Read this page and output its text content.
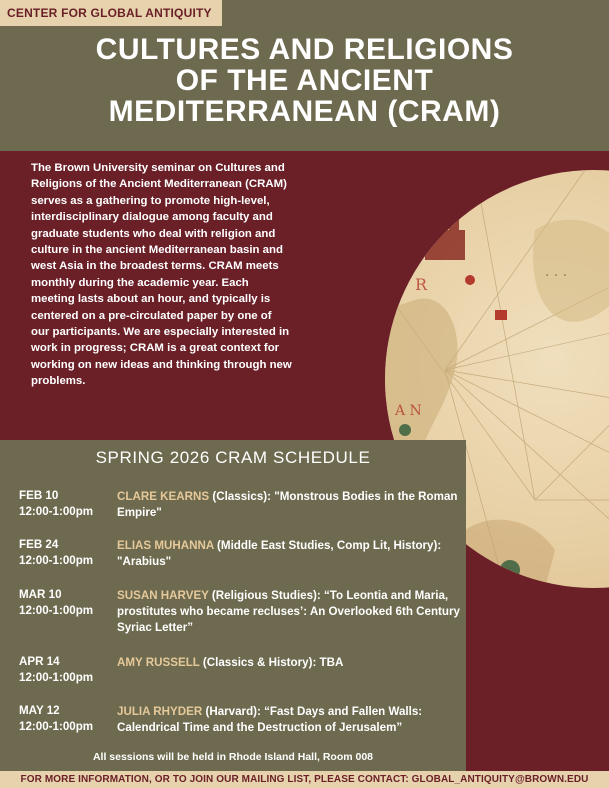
CENTER FOR GLOBAL ANTIQUITY
CULTURES AND RELIGIONS
OF THE ANCIENT
MEDITERRANEAN (CRAM)
R
A N
· · ·
The Brown University seminar on Cultures and Religions of the Ancient Mediterranean (CRAM) serves as a gathering to promote high-level, interdisciplinary dialogue among faculty and graduate students who deal with religion and culture in the ancient Mediterranean basin and west Asia in the broadest terms. CRAM meets monthly during the academic year. Each meeting lasts about an hour, and typically is centered on a pre-circulated paper by one of our participants. We are especially interested in work in progress; CRAM is a great context for working on new ideas and thinking through new problems.
SPRING 2026 CRAM SCHEDULE
FEB 10
12:00-1:00pm
CLARE KEARNS (Classics): "Monstrous Bodies in the Roman Empire"
FEB 24
12:00-1:00pm
ELIAS MUHANNA (Middle East Studies, Comp Lit, History): "Arabius"
MAR 10
12:00-1:00pm
SUSAN HARVEY (Religious Studies): “To Leontia and Maria, prostitutes who became recluses’: An Overlooked 6th Century Syriac Letter”
APR 14
12:00-1:00pm
AMY RUSSELL (Classics & History): TBA
MAY 12
12:00-1:00pm
JULIA RHYDER (Harvard): “Fast Days and Fallen Walls: Calendrical Time and the Destruction of Jerusalem”
All sessions will be held in Rhode Island Hall, Room 008
FOR MORE INFORMATION, OR TO JOIN OUR MAILING LIST, PLEASE CONTACT: GLOBAL_ANTIQUITY@BROWN.EDU
